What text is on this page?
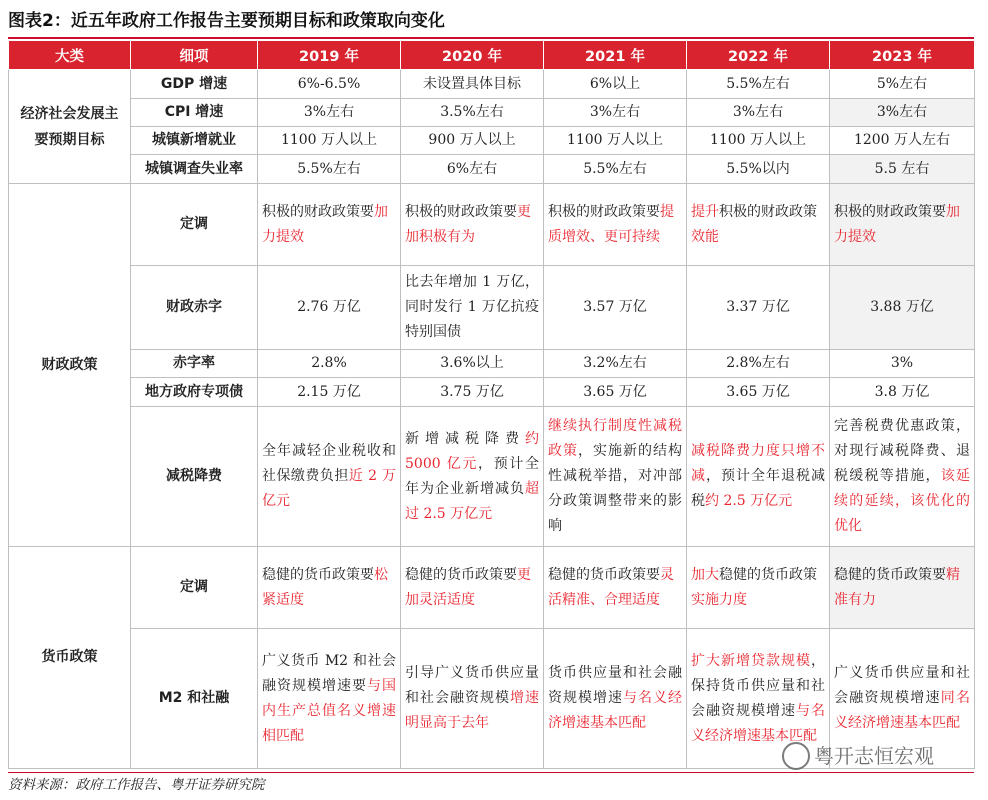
图表2：近五年政府工作报告主要预期目标和政策取向变化
大类	细项	2019 年	2020 年	2021 年	2022 年	2023 年
经济社会发展主要预期目标	GDP 增速	6%-6.5%	未设置具体目标	6%以上	5.5%左右	5%左右
	CPI 增速	3%左右	3.5%左右	3%左右	3%左右	3%左右
	城镇新增就业	1100 万人以上	900 万人以上	1100 万人以上	1100 万人以上	1200 万人左右
	城镇调查失业率	5.5%左右	6%左右	5.5%左右	5.5%以内	5.5 左右
财政政策	定调	积极的财政政策要加力提效	积极的财政政策要更加积极有为	积极的财政政策要提质增效、更可持续	提升积极的财政政策效能	积极的财政政策要加力提效
	财政赤字	2.76 万亿	比去年增加 1 万亿，同时发行 1 万亿抗疫特别国债	3.57 万亿	3.37 万亿	3.88 万亿
	赤字率	2.8%	3.6%以上	3.2%左右	2.8%左右	3%
	地方政府专项债	2.15 万亿	3.75 万亿	3.65 万亿	3.65 万亿	3.8 万亿
	减税降费	全年减轻企业税收和社保缴费负担近 2 万亿元	新增减税降费约 5000 亿元，预计全年为企业新增减负超过 2.5 万亿元	继续执行制度性减税政策，实施新的结构性减税举措，对冲部分政策调整带来的影响	减税降费力度只增不减，预计全年退税减税约 2.5 万亿元	完善税费优惠政策，对现行减税降费、退税缓税等措施，该延续的延续，该优化的优化
货币政策	定调	稳健的货币政策要松紧适度	稳健的货币政策要更加灵活适度	稳健的货币政策要灵活精准、合理适度	加大稳健的货币政策实施力度	稳健的货币政策要精准有力
	M2 和社融	广义货币 M2 和社会融资规模增速要与国内生产总值名义增速相匹配	引导广义货币供应量和社会融资规模增速明显高于去年	货币供应量和社会融资规模增速与名义经济增速基本匹配	扩大新增贷款规模，保持货币供应量和社会融资规模增速与名义经济增速基本匹配	广义货币供应量和社会融资规模增速同名义经济增速基本匹配
粤开志恒宏观
资料来源：政府工作报告、粤开证券研究院
